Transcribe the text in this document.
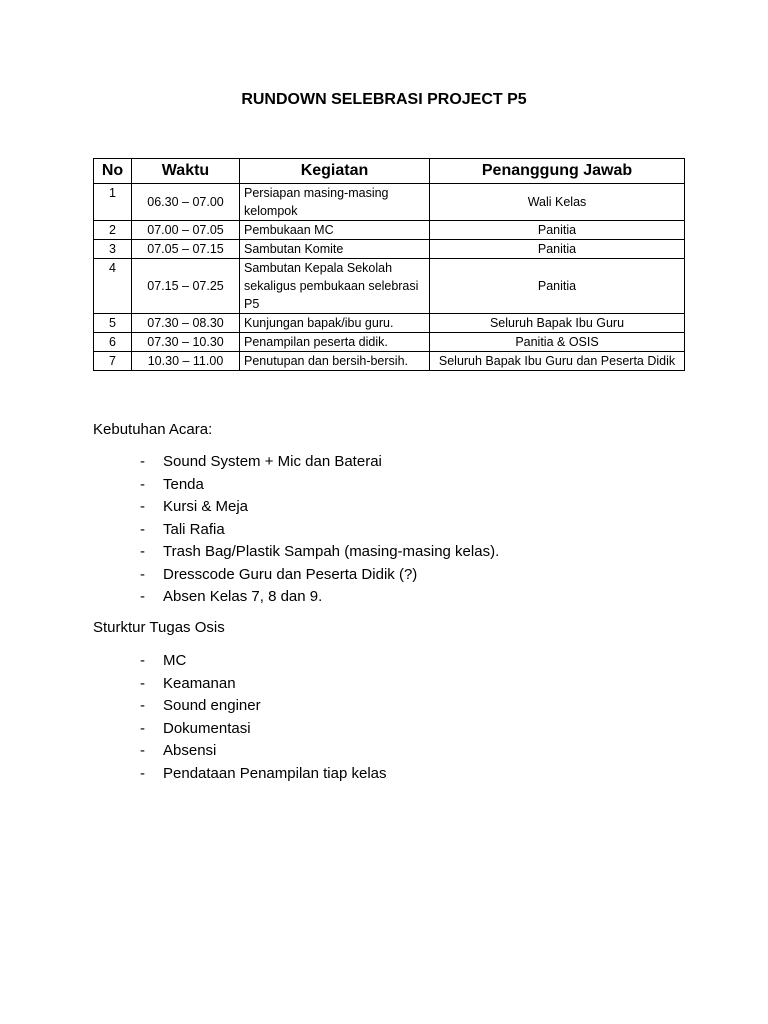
RUNDOWN SELEBRASI PROJECT P5
No	Waktu	Kegiatan	Penanggung Jawab
1	06.30 – 07.00	Persiapan masing-masing kelompok	Wali Kelas
2	07.00 – 07.05	Pembukaan MC	Panitia
3	07.05 – 07.15	Sambutan Komite	Panitia
4	07.15 – 07.25	Sambutan Kepala Sekolah sekaligus pembukaan selebrasi P5	Panitia
5	07.30 – 08.30	Kunjungan bapak/ibu guru.	Seluruh Bapak Ibu Guru
6	07.30 – 10.30	Penampilan peserta didik.	Panitia & OSIS
7	10.30 – 11.00	Penutupan dan bersih-bersih.	Seluruh Bapak Ibu Guru dan Peserta Didik
Kebutuhan Acara:
- Sound System + Mic dan Baterai
- Tenda
- Kursi & Meja
- Tali Rafia
- Trash Bag/Plastik Sampah (masing-masing kelas).
- Dresscode Guru dan Peserta Didik (?)
- Absen Kelas 7, 8 dan 9.
Sturktur Tugas Osis
- MC
- Keamanan
- Sound enginer
- Dokumentasi
- Absensi
- Pendataan Penampilan tiap kelas
